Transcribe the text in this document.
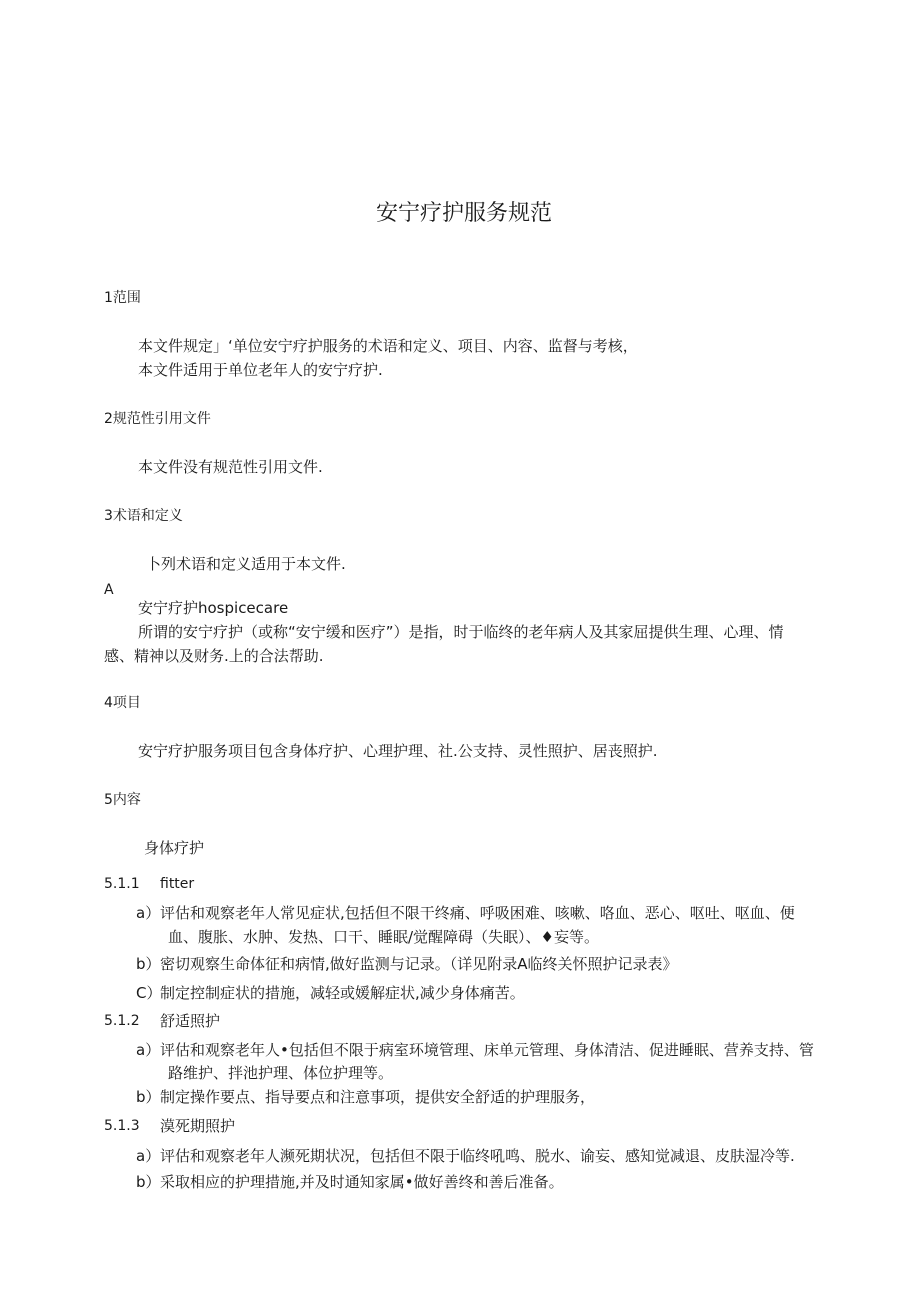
安宁疗护服务规范
1范围
本文件规定」‘单位安宁疗护服务的术语和定义、项目、内容、监督与考核，
本文件适用于单位老年人的安宁疗护.
2规范性引用文件
本文件没有规范性引用文件.
3术语和定义
卜列术语和定义适用于本文件.
A
安宁疗护hospicecare
所谓的安宁疗护（或称“安宁缓和医疗”）是指，时于临终的老年病人及其家屈提供生理、心理、情
感、精神以及财务.上的合法帮助.
4项目
安宁疗护服务项目包含身体疗护、心理护理、社.公支持、灵性照护、居丧照护.
5内容
身体疗护
5.1.1 fitter
a） 评估和观察老年人常见症状,包括但不限干终痛、呼吸困难、咳嗽、咯血、恶心、呕吐、呕血、便
血、腹胀、水肿、发热、口干、睡眠/觉醒障碍（失眠）、♦妄等。
b） 密切观察生命体征和病情,做好监测与记录。（详见附录A临终关怀照护记录表》
C）
制定控制症状的措施，减轻或媛解症状,减少身体痛苦。
5.1.2 舒适照护
a） 评估和观察老年人•包括但不限于病室环境管理、床单元管理、身体清洁、促进睡眠、营养支持、管
路维护、拌池护理、体位护理等。
b） 制定操作要点、指导要点和注意事项，提供安全舒适的护理服务，
5.1.3 漠死期照护
a） 评估和观察老年人濒死期状况，包括但不限于临终吼鸣、脱水、谕妄、感知觉减退、皮肤湿冷等.
b） 采取相应的护理措施,并及时通知家属•做好善终和善后准备。
